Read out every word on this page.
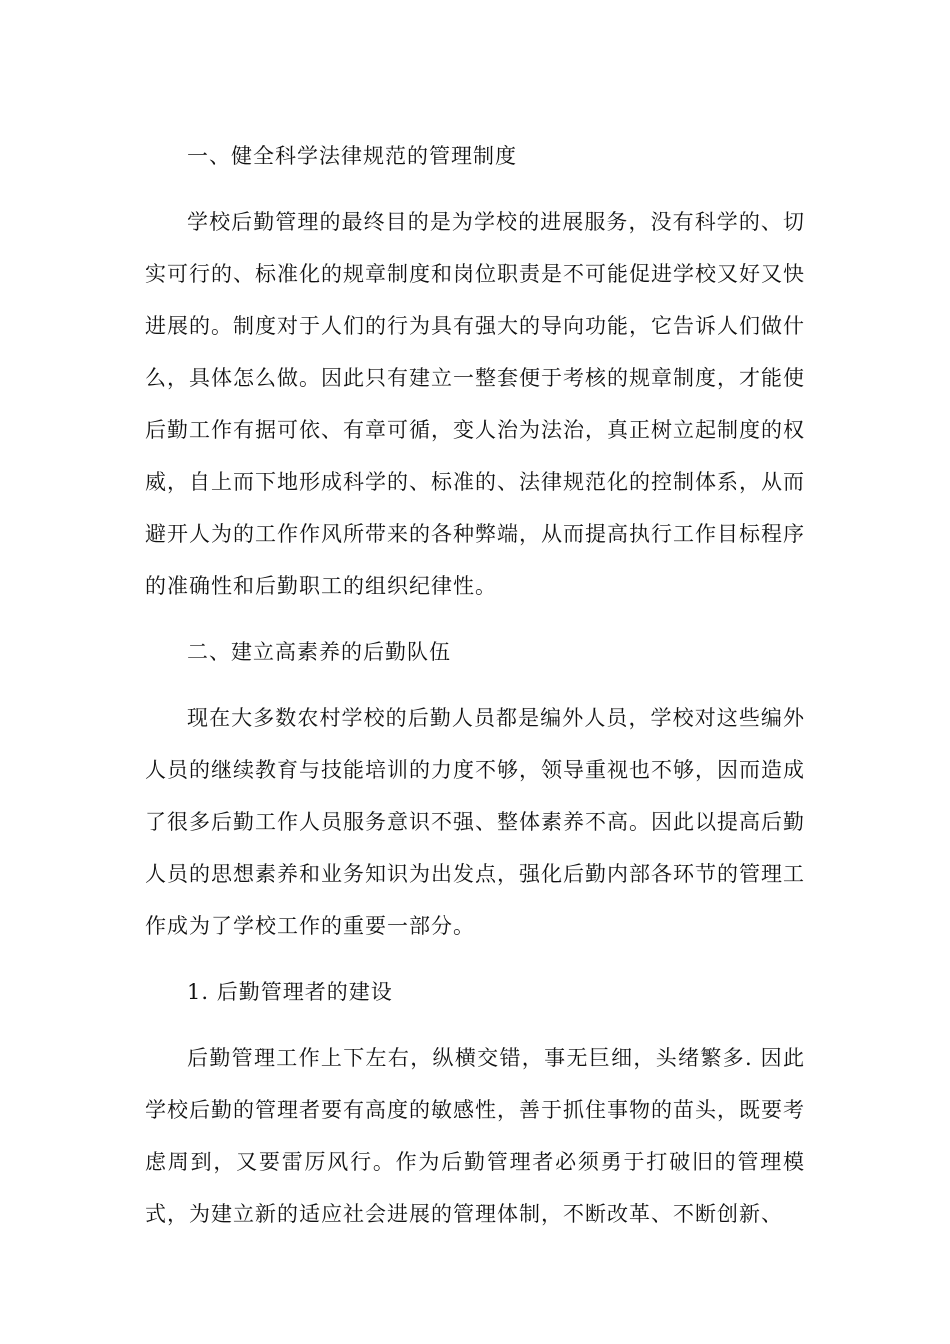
一、健全科学法律规范的管理制度

学校后勤管理的最终目的是为学校的进展服务，没有科学的、切实可行的、标准化的规章制度和岗位职责是不可能促进学校又好又快进展的。制度对于人们的行为具有强大的导向功能，它告诉人们做什么，具体怎么做。因此只有建立一整套便于考核的规章制度，才能使后勤工作有据可依、有章可循，变人治为法治，真正树立起制度的权威，自上而下地形成科学的、标准的、法律规范化的控制体系，从而避开人为的工作作风所带来的各种弊端，从而提高执行工作目标程序的准确性和后勤职工的组织纪律性。

二、建立高素养的后勤队伍

现在大多数农村学校的后勤人员都是编外人员，学校对这些编外人员的继续教育与技能培训的力度不够，领导重视也不够，因而造成了很多后勤工作人员服务意识不强、整体素养不高。因此以提高后勤人员的思想素养和业务知识为出发点，强化后勤内部各环节的管理工作成为了学校工作的重要一部分。

1. 后勤管理者的建设

后勤管理工作上下左右，纵横交错，事无巨细，头绪繁多. 因此学校后勤的管理者要有高度的敏感性，善于抓住事物的苗头，既要考虑周到，又要雷厉风行。作为后勤管理者必须勇于打破旧的管理模式，为建立新的适应社会进展的管理体制，不断改革、不断创新、
